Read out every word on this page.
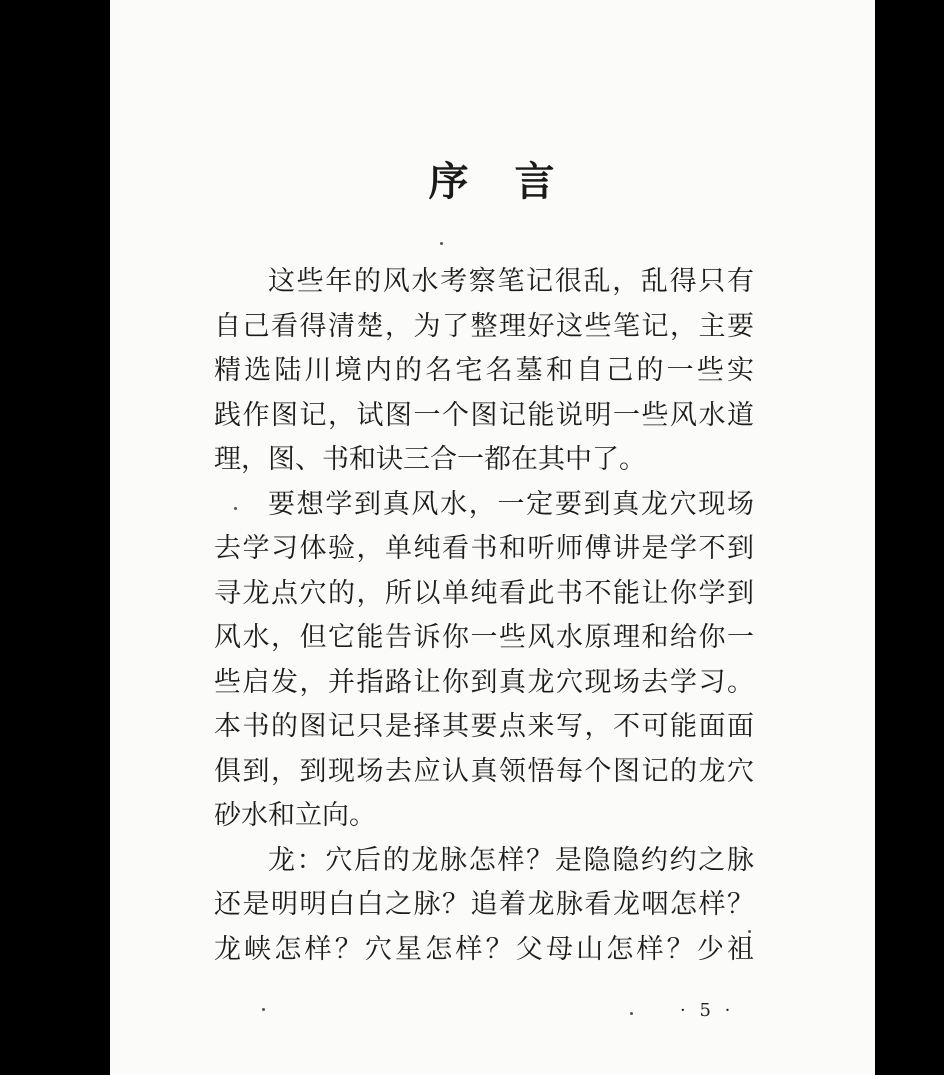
序 言
这些年的风水考察笔记很乱，乱得只有
自己看得清楚，为了整理好这些笔记，主要
精选陆川境内的名宅名墓和自己的一些实
践作图记，试图一个图记能说明一些风水道
理，图、书和诀三合一都在其中了。
要想学到真风水，一定要到真龙穴现场
去学习体验，单纯看书和听师傅讲是学不到
寻龙点穴的，所以单纯看此书不能让你学到
风水，但它能告诉你一些风水原理和给你一
些启发，并指路让你到真龙穴现场去学习。
本书的图记只是择其要点来写，不可能面面
俱到，到现场去应认真领悟每个图记的龙穴
砂水和立向。
龙：穴后的龙脉怎样？是隐隐约约之脉
还是明明白白之脉？追着龙脉看龙咽怎样？
龙峡怎样？穴星怎样？父母山怎样？少祖
· 5 ·
